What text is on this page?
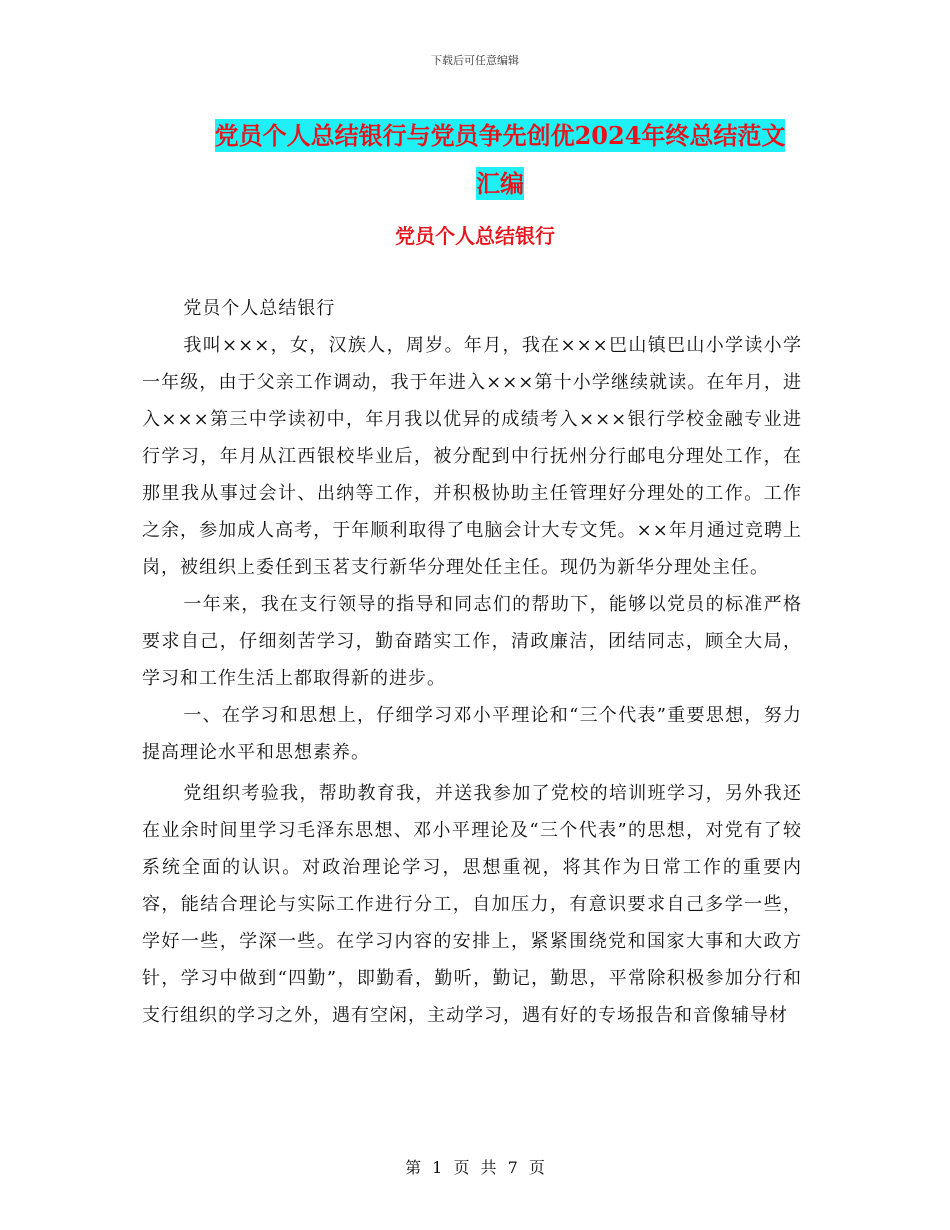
下载后可任意编辑
党员个人总结银行与党员争先创优2024年终总结范文
汇编
党员个人总结银行

党员个人总结银行

我叫×××，女，汉族人，周岁。年月，我在×××巴山镇巴山小学读小学一年级，由于父亲工作调动，我于年进入×××第十小学继续就读。在年月，进入×××第三中学读初中，年月我以优异的成绩考入×××银行学校金融专业进行学习，年月从江西银校毕业后，被分配到中行抚州分行邮电分理处工作，在那里我从事过会计、出纳等工作，并积极协助主任管理好分理处的工作。工作之余，参加成人高考，于年顺利取得了电脑会计大专文凭。××年月通过竞聘上岗，被组织上委任到玉茗支行新华分理处任主任。现仍为新华分理处主任。

一年来，我在支行领导的指导和同志们的帮助下，能够以党员的标准严格要求自己，仔细刻苦学习，勤奋踏实工作，清政廉洁，团结同志，顾全大局，学习和工作生活上都取得新的进步。

一、在学习和思想上，仔细学习邓小平理论和“三个代表”重要思想，努力提高理论水平和思想素养。

党组织考验我，帮助教育我，并送我参加了党校的培训班学习，另外我还在业余时间里学习毛泽东思想、邓小平理论及“三个代表”的思想，对党有了较系统全面的认识。对政治理论学习，思想重视，将其作为日常工作的重要内容，能结合理论与实际工作进行分工，自加压力，有意识要求自己多学一些，学好一些，学深一些。在学习内容的安排上，紧紧围绕党和国家大事和大政方针，学习中做到“四勤”，即勤看，勤听，勤记，勤思，平常除积极参加分行和支行组织的学习之外，遇有空闲，主动学习，遇有好的专场报告和音像辅导材

第 1 页 共 7 页
